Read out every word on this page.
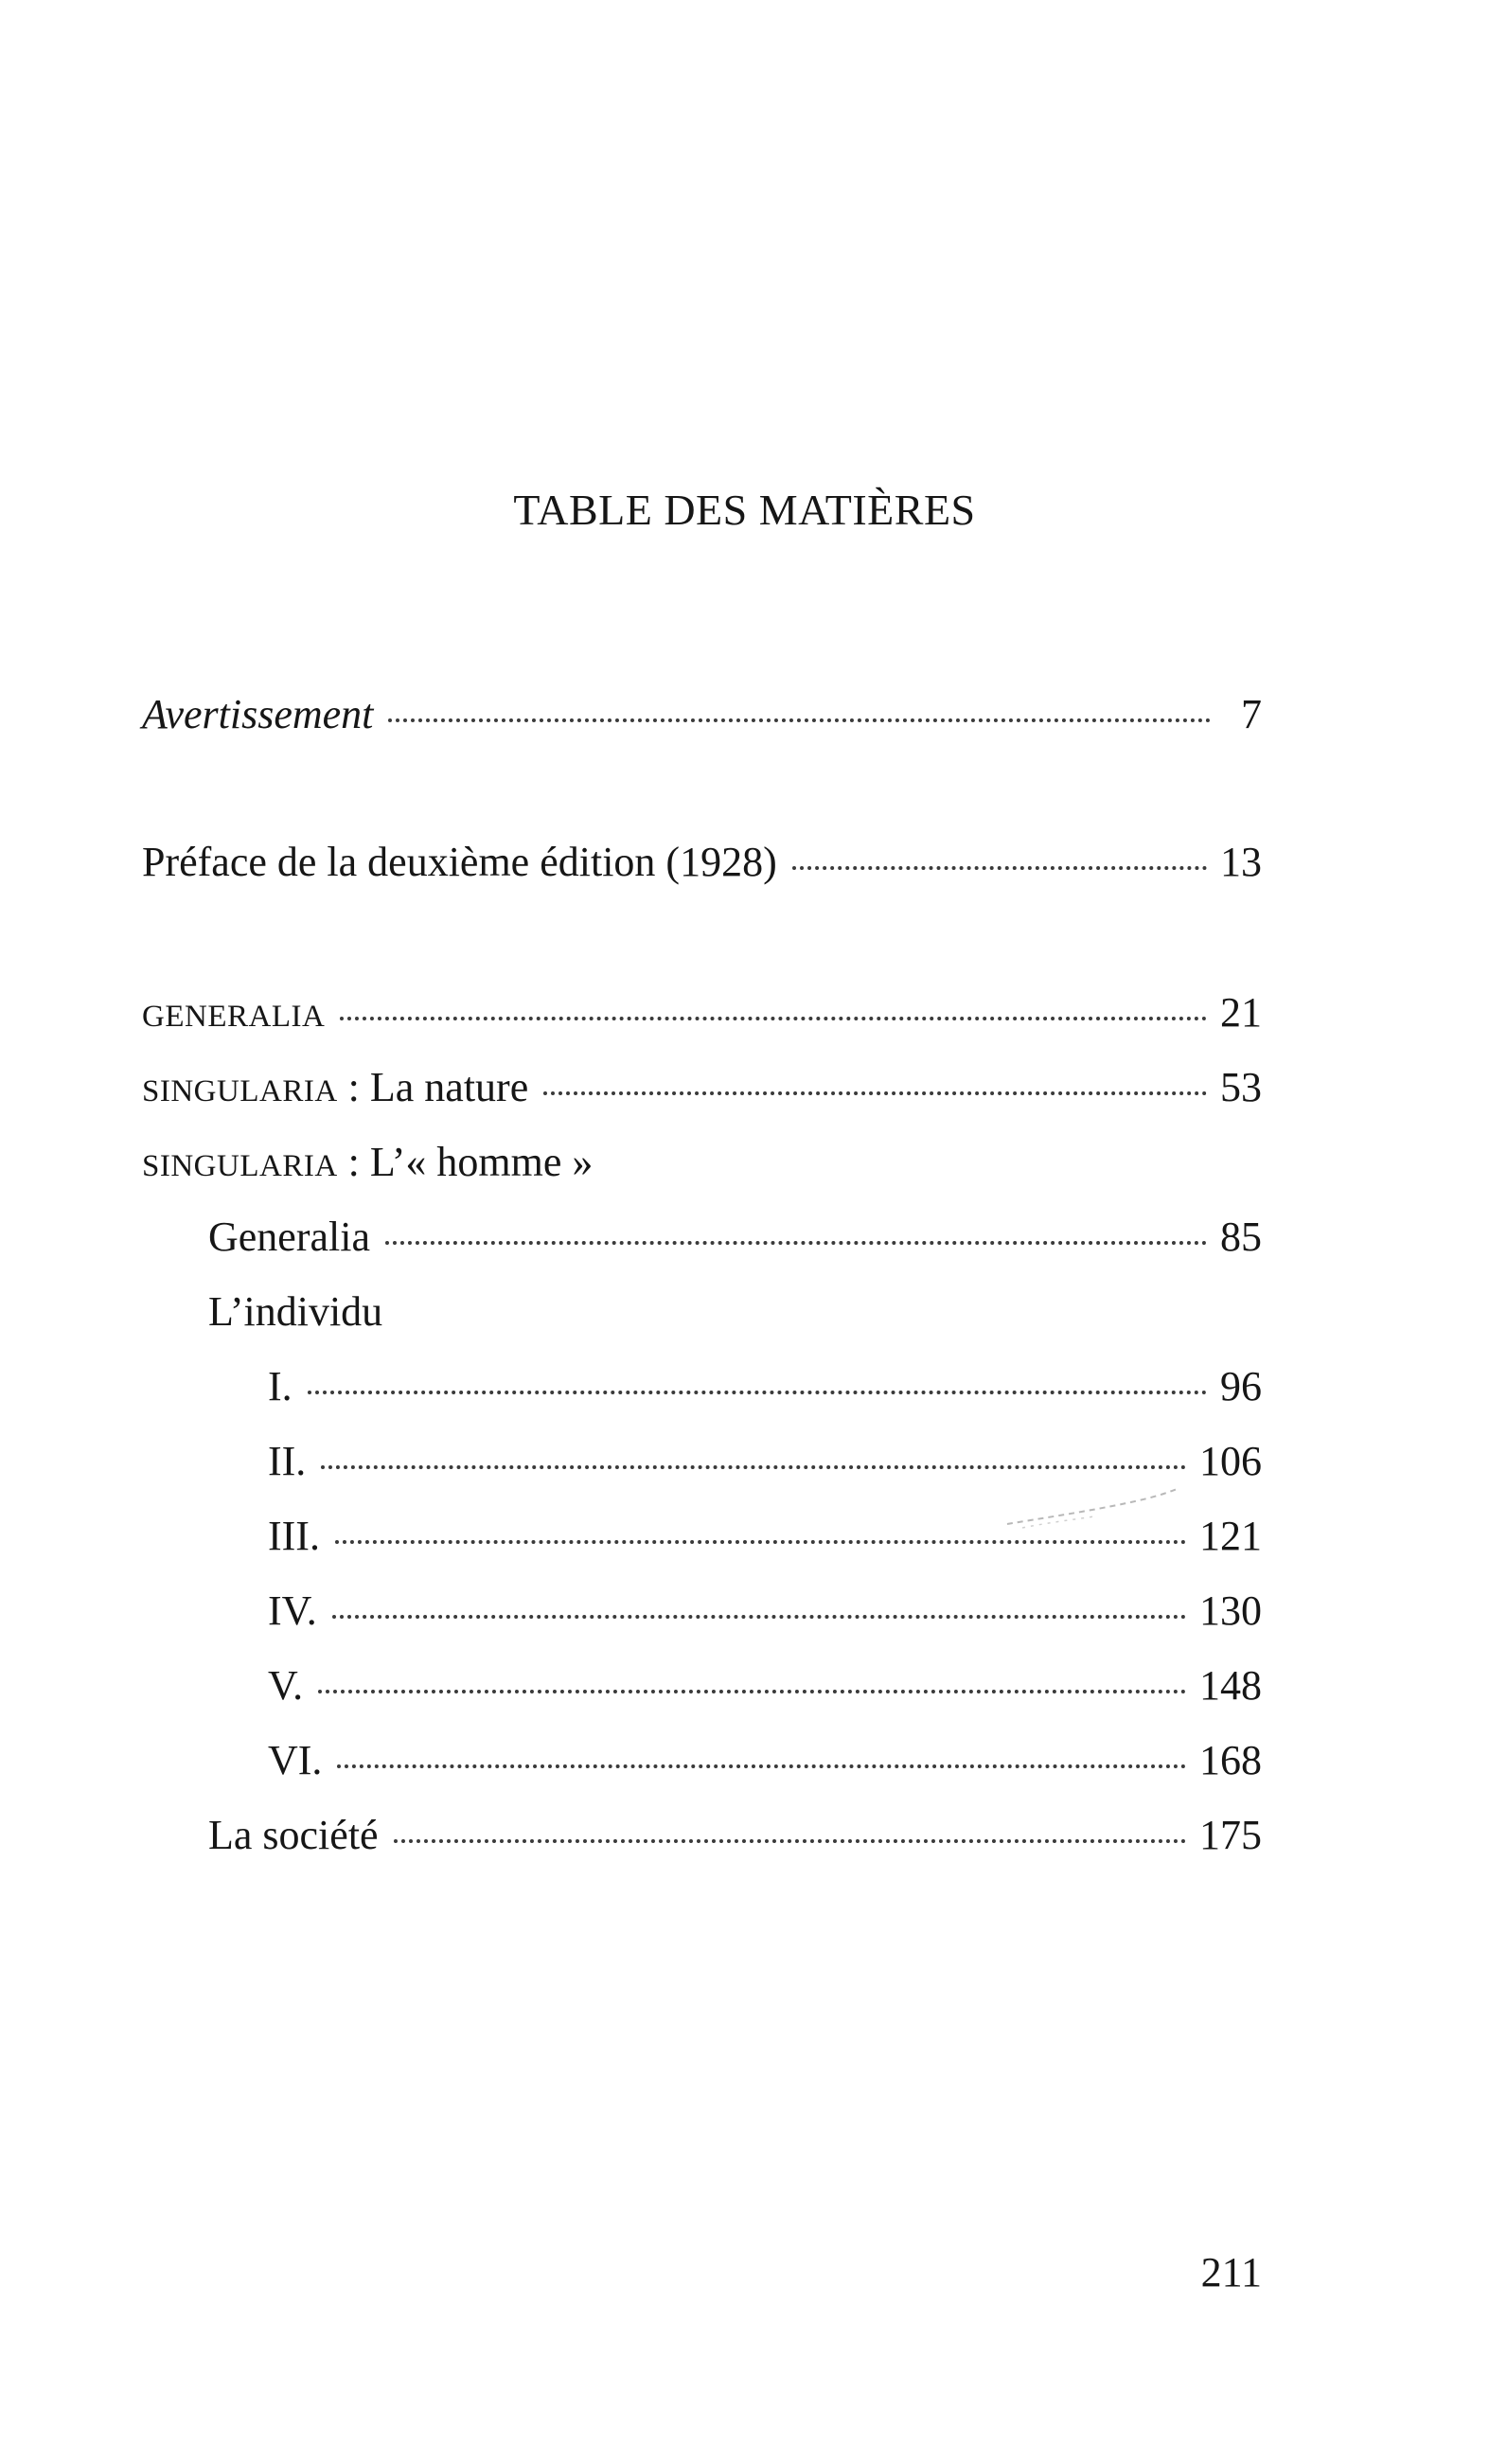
TABLE DES MATIÈRES
Avertissement	7
Préface de la deuxième édition (1928)	13
GENERALIA	21
SINGULARIA : La nature	53
SINGULARIA : L’« homme »
Generalia	85
L’individu
I.	96
II.	106
III.	121
IV.	130
V.	148
VI.	168
La société	175

211
